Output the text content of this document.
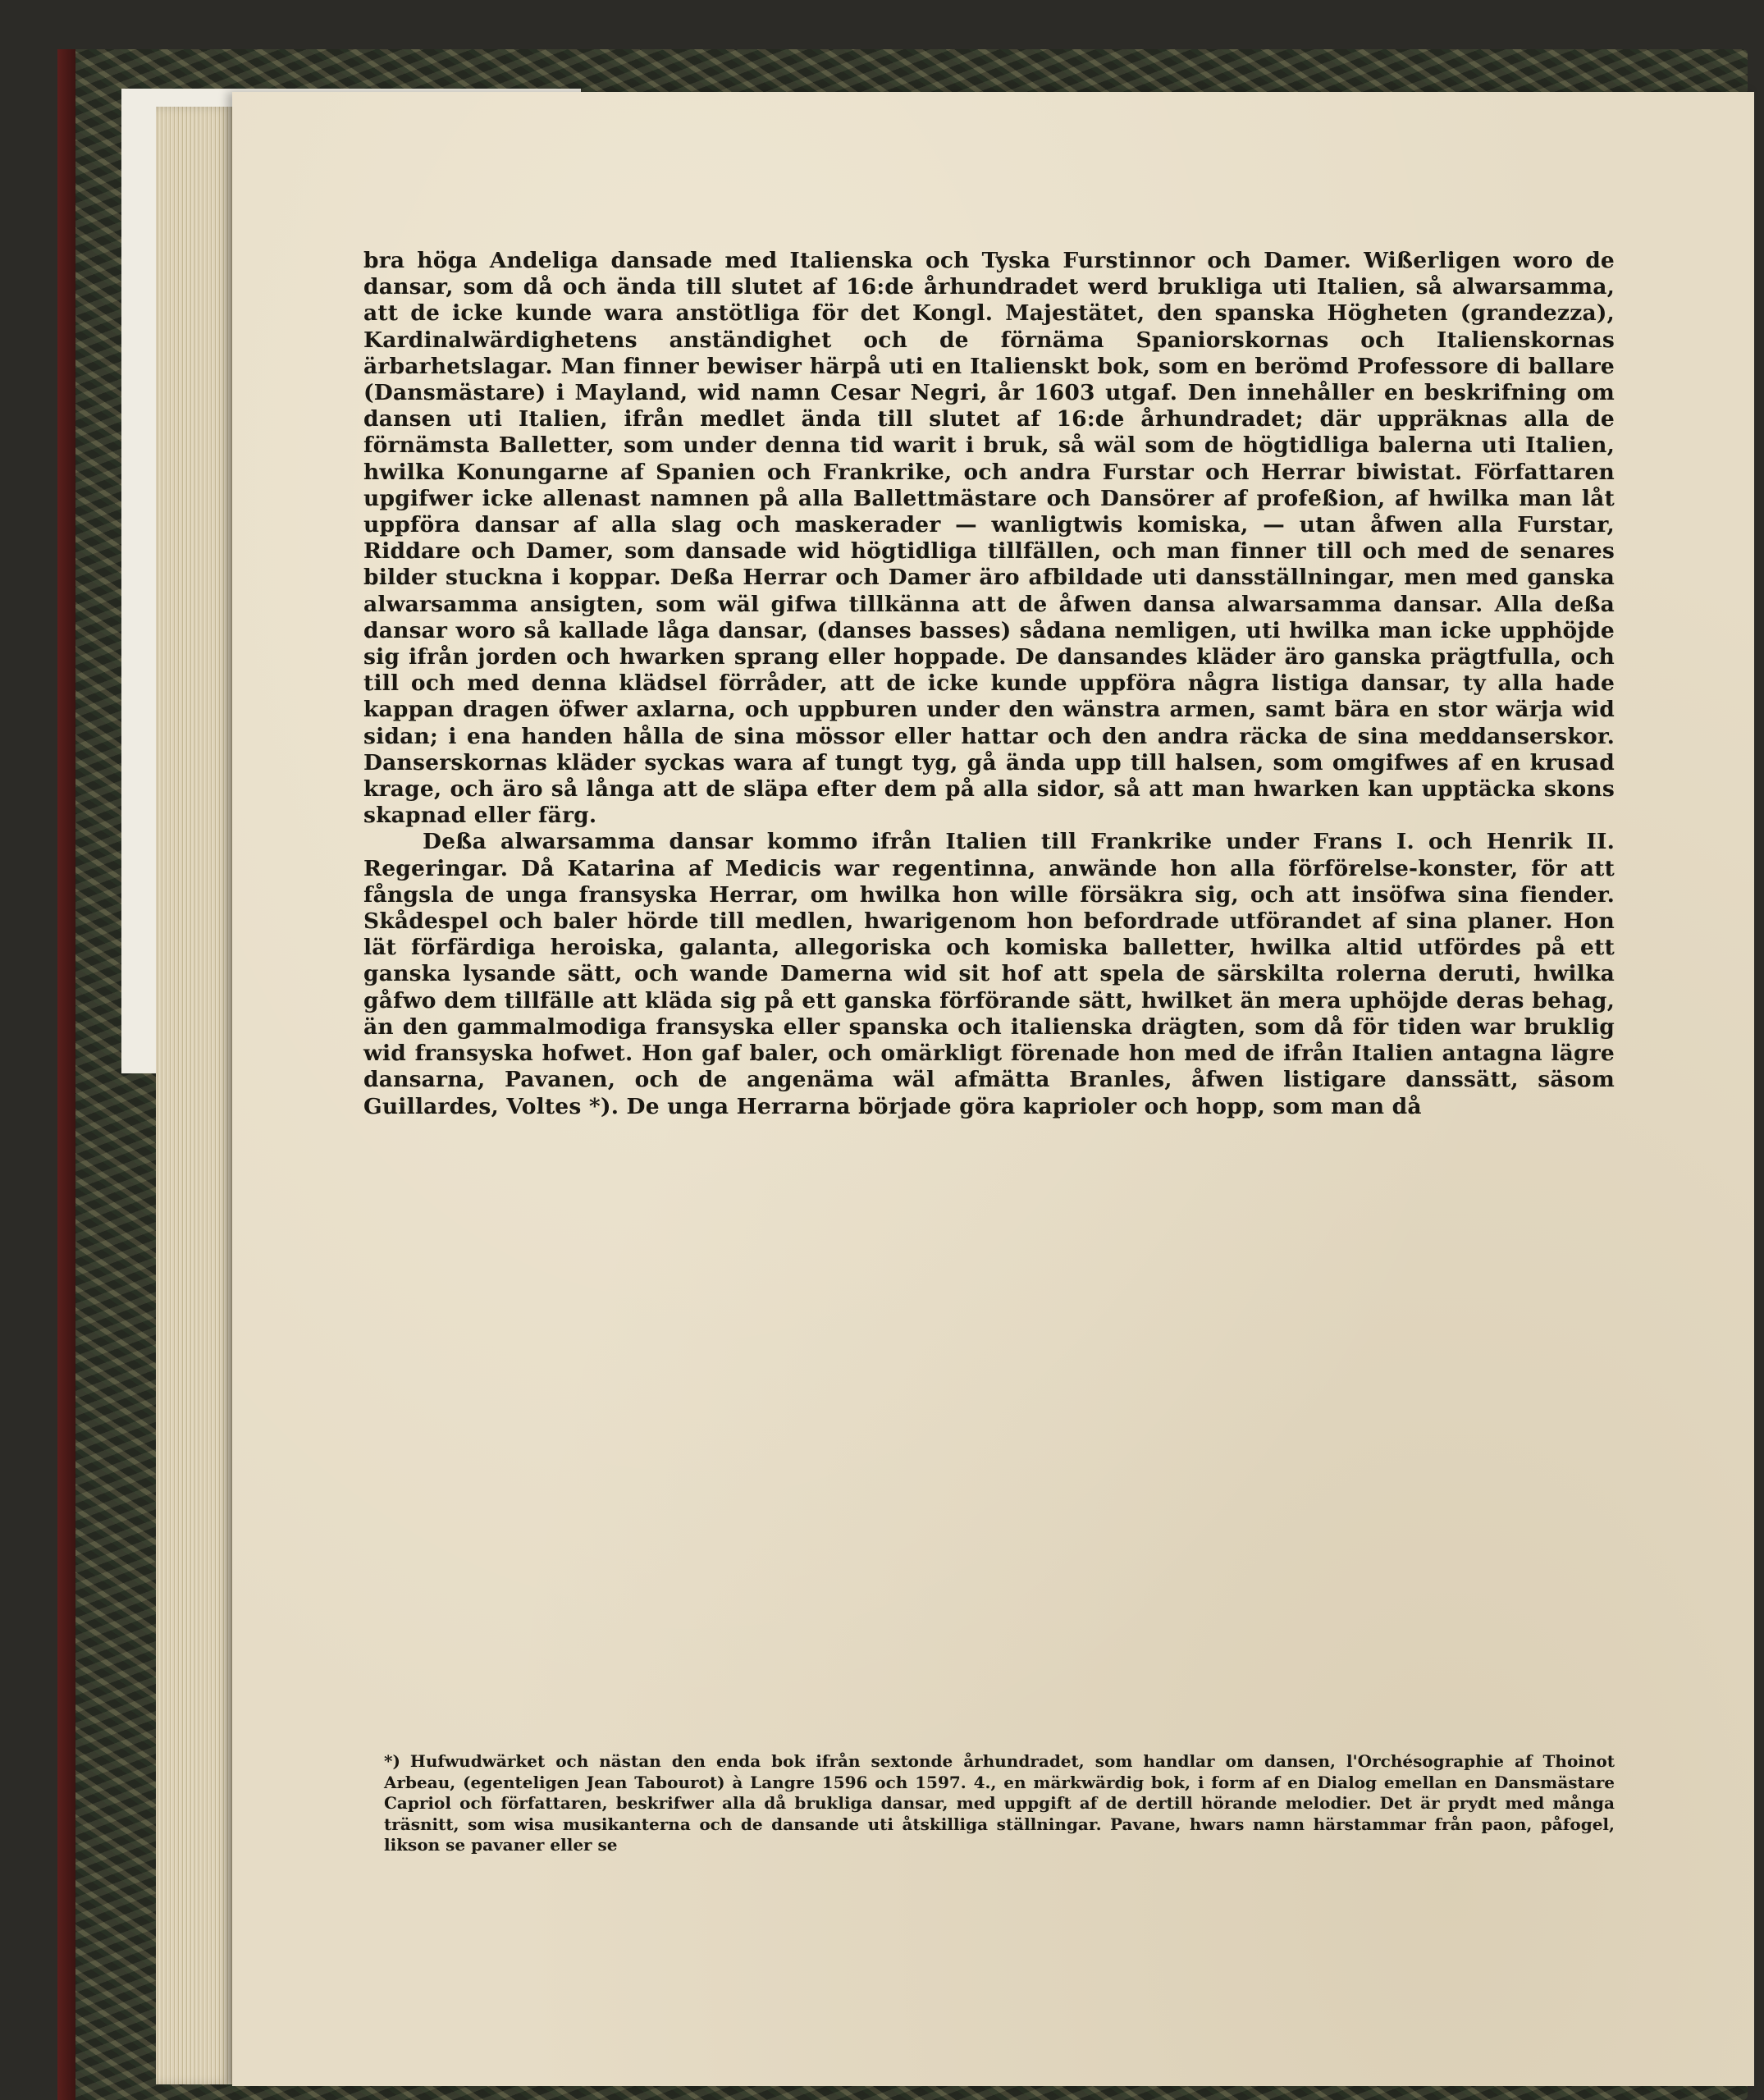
bra höga Andeliga dansade med Italienska och Tyska Furstinnor och Damer. Wißerligen woro de dansar, som då och ända till slutet af 16:de århundradet werd brukliga uti Italien, så alwarsamma, att de icke kunde wara anstötliga för det Kongl. Majestätet, den spanska Högheten (grandezza), Kardinalwärdighetens anständighet och de förnäma Spaniorskornas och Italienskornas ärbarhetslagar. Man finner bewiser härpå uti en Italienskt bok, som en berömd Professore di ballare (Dansmästare) i Mayland, wid namn Cesar Negri, år 1603 utgaf. Den innehåller en beskrifning om dansen uti Italien, ifrån medlet ända till slutet af 16:de århundradet; där uppräknas alla de förnämsta Balletter, som under denna tid warit i bruk, så wäl som de högtidliga balerna uti Italien, hwilka Konungarne af Spanien och Frankrike, och andra Furstar och Herrar biwistat. Författaren upgifwer icke allenast namnen på alla Ballettmästare och Dansörer af profeßion, af hwilka man låt uppföra dansar af alla slag och maskerader — wanligtwis komiska, — utan åfwen alla Furstar, Riddare och Damer, som dansade wid högtidliga tillfällen, och man finner till och med de senares bilder stuckna i koppar. Deßa Herrar och Damer äro afbildade uti dansställningar, men med ganska alwarsamma ansigten, som wäl gifwa tillkänna att de åfwen dansa alwarsamma dansar. Alla deßa dansar woro så kallade låga dansar, (danses basses) sådana nemligen, uti hwilka man icke upphöjde sig ifrån jorden och hwarken sprang eller hoppade. De dansandes kläder äro ganska prägtfulla, och till och med denna klädsel förråder, att de icke kunde uppföra några listiga dansar, ty alla hade kappan dragen öfwer axlarna, och uppburen under den wänstra armen, samt bära en stor wärja wid sidan; i ena handen hålla de sina mössor eller hattar och den andra räcka de sina meddanserskor. Danserskornas kläder syckas wara af tungt tyg, gå ända upp till halsen, som omgifwes af en krusad krage, och äro så långa att de släpa efter dem på alla sidor, så att man hwarken kan upptäcka skons skapnad eller färg.

Deßa alwarsamma dansar kommo ifrån Italien till Frankrike under Frans I. och Henrik II. Regeringar. Då Katarina af Medicis war regentinna, anwände hon alla förförelse-konster, för att fångsla de unga fransyska Herrar, om hwilka hon wille försäkra sig, och att insöfwa sina fiender. Skådespel och baler hörde till medlen, hwarigenom hon befordrade utförandet af sina planer. Hon lät förfärdiga heroiska, galanta, allegoriska och komiska balletter, hwilka altid utfördes på ett ganska lysande sätt, och wande Damerna wid sit hof att spela de särskilta rolerna deruti, hwilka gåfwo dem tillfälle att kläda sig på ett ganska förförande sätt, hwilket än mera uphöjde deras behag, än den gammalmodiga fransyska eller spanska och italienska drägten, som då för tiden war bruklig wid fransyska hofwet. Hon gaf baler, och omärkligt förenade hon med de ifrån Italien antagna lägre dansarna, Pavanen, och de angenäma wäl afmätta Branles, åfwen listigare danssätt, säsom Guillardes, Voltes *). De unga Herrarna började göra kaprioler och hopp, som man då

*) Hufwudwärket och nästan den enda bok ifrån sextonde århundradet, som handlar om dansen, l'Orchésographie af Thoinot Arbeau, (egenteligen Jean Tabourot) à Langre 1596 och 1597. 4., en märkwärdig bok, i form af en Dialog emellan en Dansmästare Capriol och författaren, beskrifwer alla då brukliga dansar, med uppgift af de dertill hörande melodier. Det är prydt med många träsnitt, som wisa musikanterna och de dansande uti åtskilliga ställningar. Pavane, hwars namn härstammar från paon, påfogel, likson se pavaner eller se
